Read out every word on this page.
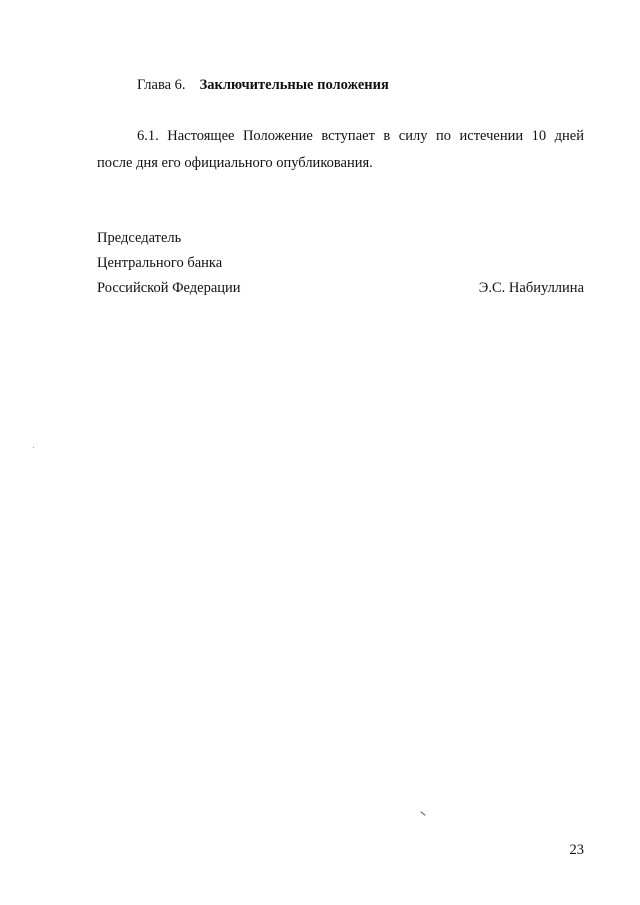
Глава 6. Заключительные положения
6.1. Настоящее Положение вступает в силу по истечении 10 дней
после дня его официального опубликования.
Председатель
Центрального банка
Российской Федерации	Э.С. Набиуллина
23
